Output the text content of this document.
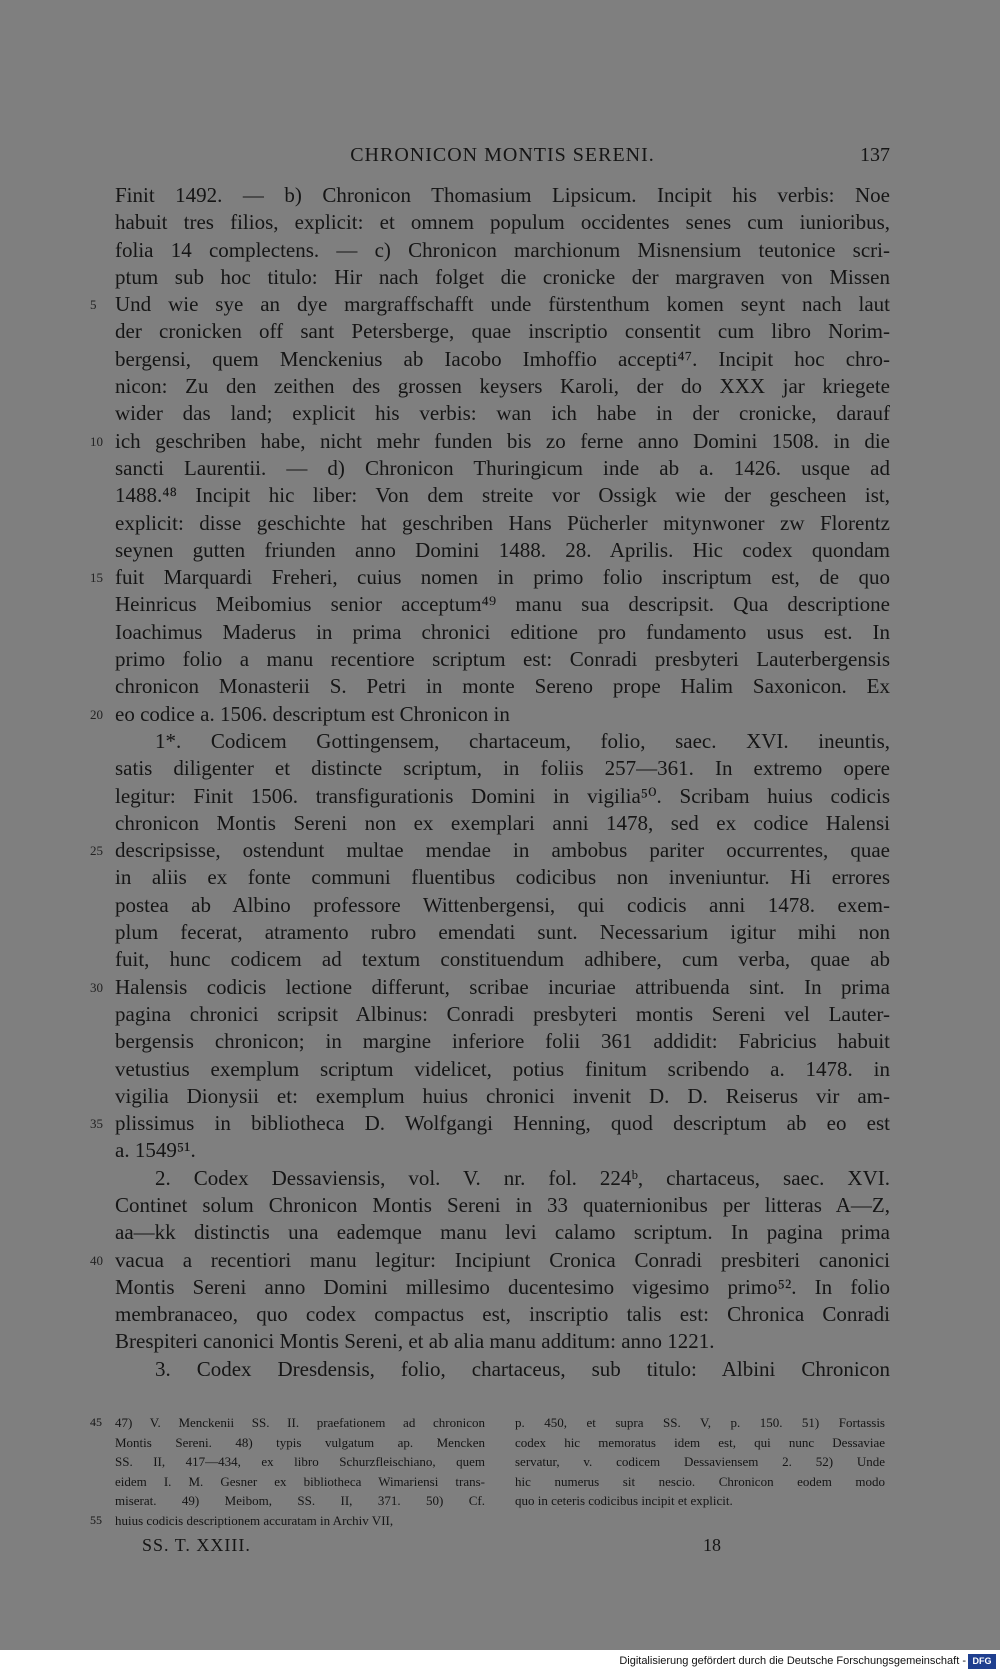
CHRONICON MONTIS SERENI.	137
Finit 1492. — b) Chronicon Thomasium Lipsicum. Incipit his verbis: Noe
habuit tres filios, explicit: et omnem populum occidentes senes cum iunioribus,
folia 14 complectens. — c) Chronicon marchionum Misnensium teutonice scri-
ptum sub hoc titulo: Hir nach folget die cronicke der margraven von Missen
5 Und wie sye an dye margraffschafft unde fürstenthum komen seynt nach laut
der cronicken off sant Petersberge, quae inscriptio consentit cum libro Norim-
bergensi, quem Menckenius ab Iacobo Imhoffio accepti⁴⁷. Incipit hoc chro-
nicon: Zu den zeithen des grossen keysers Karoli, der do XXX jar kriegete
wider das land; explicit his verbis: wan ich habe in der cronicke, darauf
10 ich geschriben habe, nicht mehr funden bis zo ferne anno Domini 1508. in die
sancti Laurentii. — d) Chronicon Thuringicum inde ab a. 1426. usque ad
1488.⁴⁸ Incipit hic liber: Von dem streite vor Ossigk wie der gescheen ist,
explicit: disse geschichte hat geschriben Hans Pücherler mitynwoner zw Florentz
seynen gutten friunden anno Domini 1488. 28. Aprilis. Hic codex quondam
15 fuit Marquardi Freheri, cuius nomen in primo folio inscriptum est, de quo
Heinricus Meibomius senior acceptum⁴⁹ manu sua descripsit. Qua descriptione
Ioachimus Maderus in prima chronici editione pro fundamento usus est. In
primo folio a manu recentiore scriptum est: Conradi presbyteri Lauterbergensis
chronicon Monasterii S. Petri in monte Sereno prope Halim Saxonicon. Ex
20 eo codice a. 1506. descriptum est Chronicon in
1*. Codicem Gottingensem, chartaceum, folio, saec. XVI. ineuntis,
satis diligenter et distincte scriptum, in foliis 257—361. In extremo opere
legitur: Finit 1506. transfigurationis Domini in vigilia⁵⁰. Scribam huius codicis
chronicon Montis Sereni non ex exemplari anni 1478, sed ex codice Halensi
25 descripsisse, ostendunt multae mendae in ambobus pariter occurrentes, quae
in aliis ex fonte communi fluentibus codicibus non inveniuntur. Hi errores
postea ab Albino professore Wittenbergensi, qui codicis anni 1478. exem-
plum fecerat, atramento rubro emendati sunt. Necessarium igitur mihi non
fuit, hunc codicem ad textum constituendum adhibere, cum verba, quae ab
30 Halensis codicis lectione differunt, scribae incuriae attribuenda sint. In prima
pagina chronici scripsit Albinus: Conradi presbyteri montis Sereni vel Lauter-
bergensis chronicon; in margine inferiore folii 361 addidit: Fabricius habuit
vetustius exemplum scriptum videlicet, potius finitum scribendo a. 1478. in
vigilia Dionysii et: exemplum huius chronici invenit D. D. Reiserus vir am-
35 plissimus in bibliotheca D. Wolfgangi Henning, quod descriptum ab eo est
a. 1549⁵¹.
2. Codex Dessaviensis, vol. V. nr. fol. 224ᵇ, chartaceus, saec. XVI.
Continet solum Chronicon Montis Sereni in 33 quaternionibus per litteras A—Z,
aa—kk distinctis una eademque manu levi calamo scriptum. In pagina prima
40 vacua a recentiori manu legitur: Incipiunt Cronica Conradi presbiteri canonici
Montis Sereni anno Domini millesimo ducentesimo vigesimo primo⁵². In folio
membranaceo, quo codex compactus est, inscriptio talis est: Chronica Conradi
Brespiteri canonici Montis Sereni, et ab alia manu additum: anno 1221.
3. Codex Dresdensis, folio, chartaceus, sub titulo: Albini Chronicon
45 47) V. Menckenii SS. II. praefationem ad chronicon
Montis Sereni. 48) typis vulgatum ap. Mencken
SS. II, 417—434, ex libro Schurzfleischiano, quem
eidem I. M. Gesner ex bibliotheca Wimariensi trans-
miserat. 49) Meibom, SS. II, 371. 50) Cf.
55 huius codicis descriptionem accuratam in Archiv VII,
p. 450, et supra SS. V, p. 150. 51) Fortassis
codex hic memoratus idem est, qui nunc Dessaviae
servatur, v. codicem Dessaviensem 2. 52) Unde
hic numerus sit nescio. Chronicon eodem modo
quo in ceteris codicibus incipit et explicit.
SS. T. XXIII.	18
Digitalisierung gefördert durch die Deutsche Forschungsgemeinschaft - DFG
